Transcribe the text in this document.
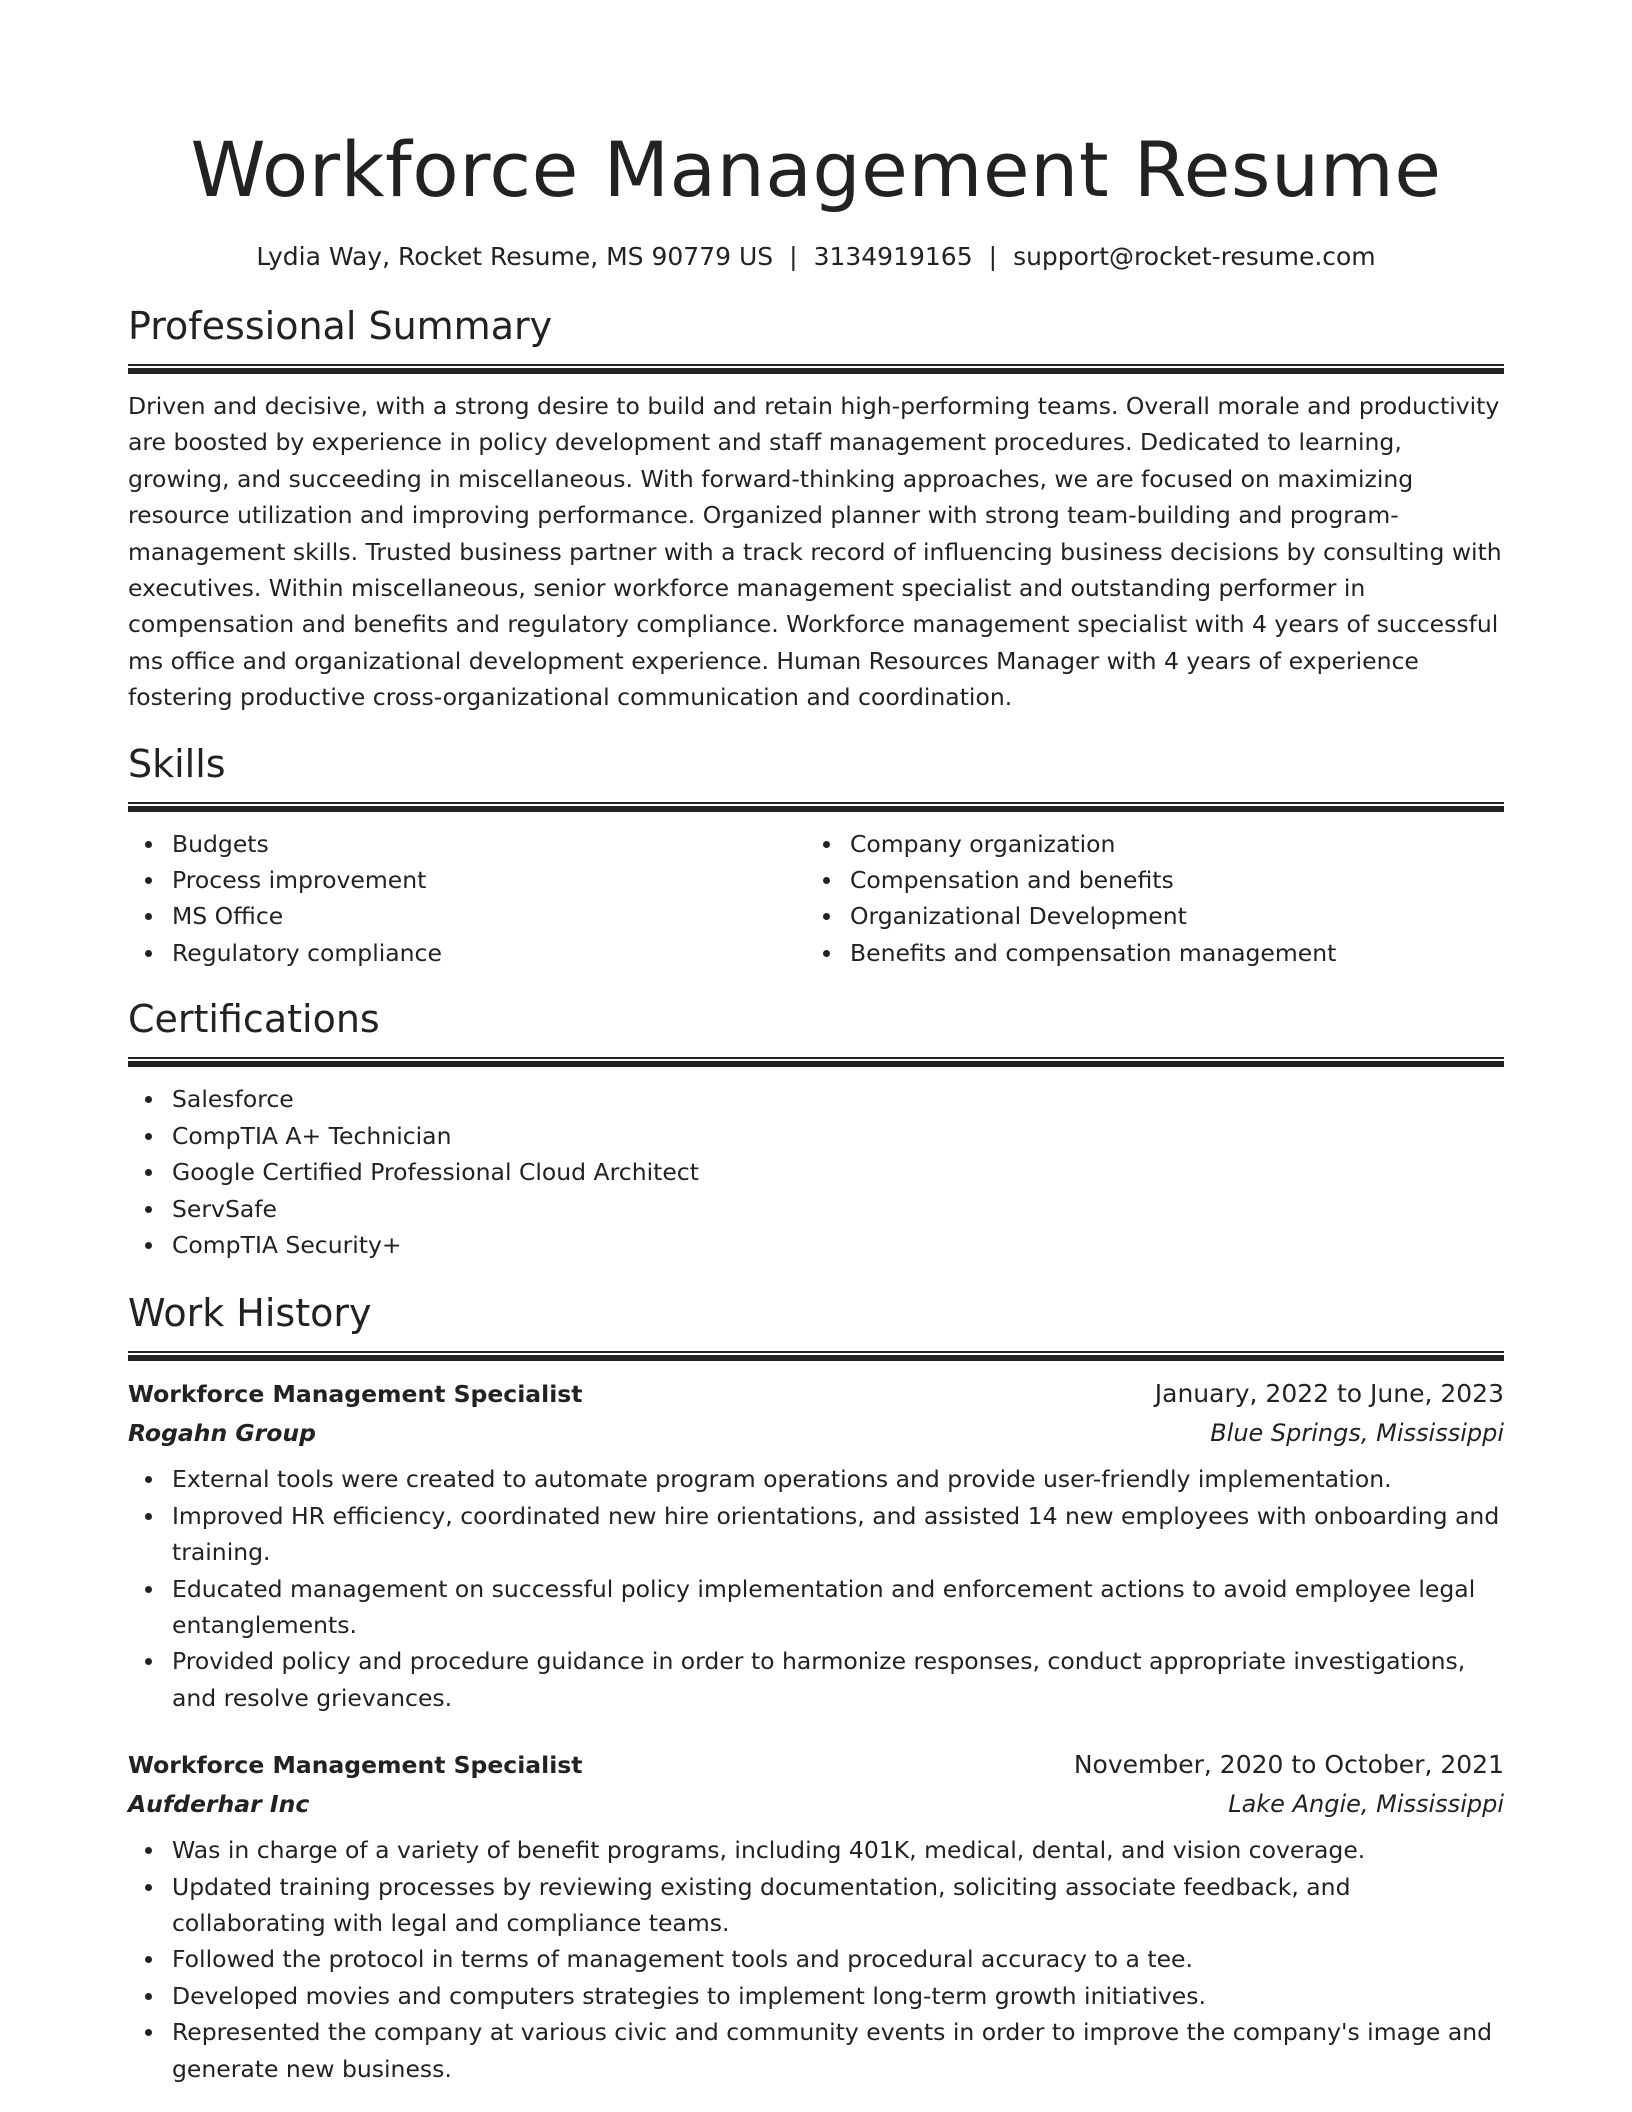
Workforce Management Resume
Lydia Way, Rocket Resume, MS 90779 US | 3134919165 | support@rocket-resume.com
Professional Summary
Driven and decisive, with a strong desire to build and retain high-performing teams. Overall morale and productivity are boosted by experience in policy development and staff management procedures. Dedicated to learning, growing, and succeeding in miscellaneous. With forward-thinking approaches, we are focused on maximizing resource utilization and improving performance. Organized planner with strong team-building and program-management skills. Trusted business partner with a track record of influencing business decisions by consulting with executives. Within miscellaneous, senior workforce management specialist and outstanding performer in compensation and benefits and regulatory compliance. Workforce management specialist with 4 years of successful ms office and organizational development experience. Human Resources Manager with 4 years of experience fostering productive cross-organizational communication and coordination.
Skills
Budgets
Process improvement
MS Office
Regulatory compliance
Company organization
Compensation and benefits
Organizational Development
Benefits and compensation management
Certifications
Salesforce
CompTIA A+ Technician
Google Certified Professional Cloud Architect
ServSafe
CompTIA Security+
Work History
Workforce Management Specialist	January, 2022 to June, 2023
Rogahn Group	Blue Springs, Mississippi
External tools were created to automate program operations and provide user-friendly implementation.
Improved HR efficiency, coordinated new hire orientations, and assisted 14 new employees with onboarding and training.
Educated management on successful policy implementation and enforcement actions to avoid employee legal entanglements.
Provided policy and procedure guidance in order to harmonize responses, conduct appropriate investigations, and resolve grievances.
Workforce Management Specialist	November, 2020 to October, 2021
Aufderhar Inc	Lake Angie, Mississippi
Was in charge of a variety of benefit programs, including 401K, medical, dental, and vision coverage.
Updated training processes by reviewing existing documentation, soliciting associate feedback, and collaborating with legal and compliance teams.
Followed the protocol in terms of management tools and procedural accuracy to a tee.
Developed movies and computers strategies to implement long-term growth initiatives.
Represented the company at various civic and community events in order to improve the company's image and generate new business.
